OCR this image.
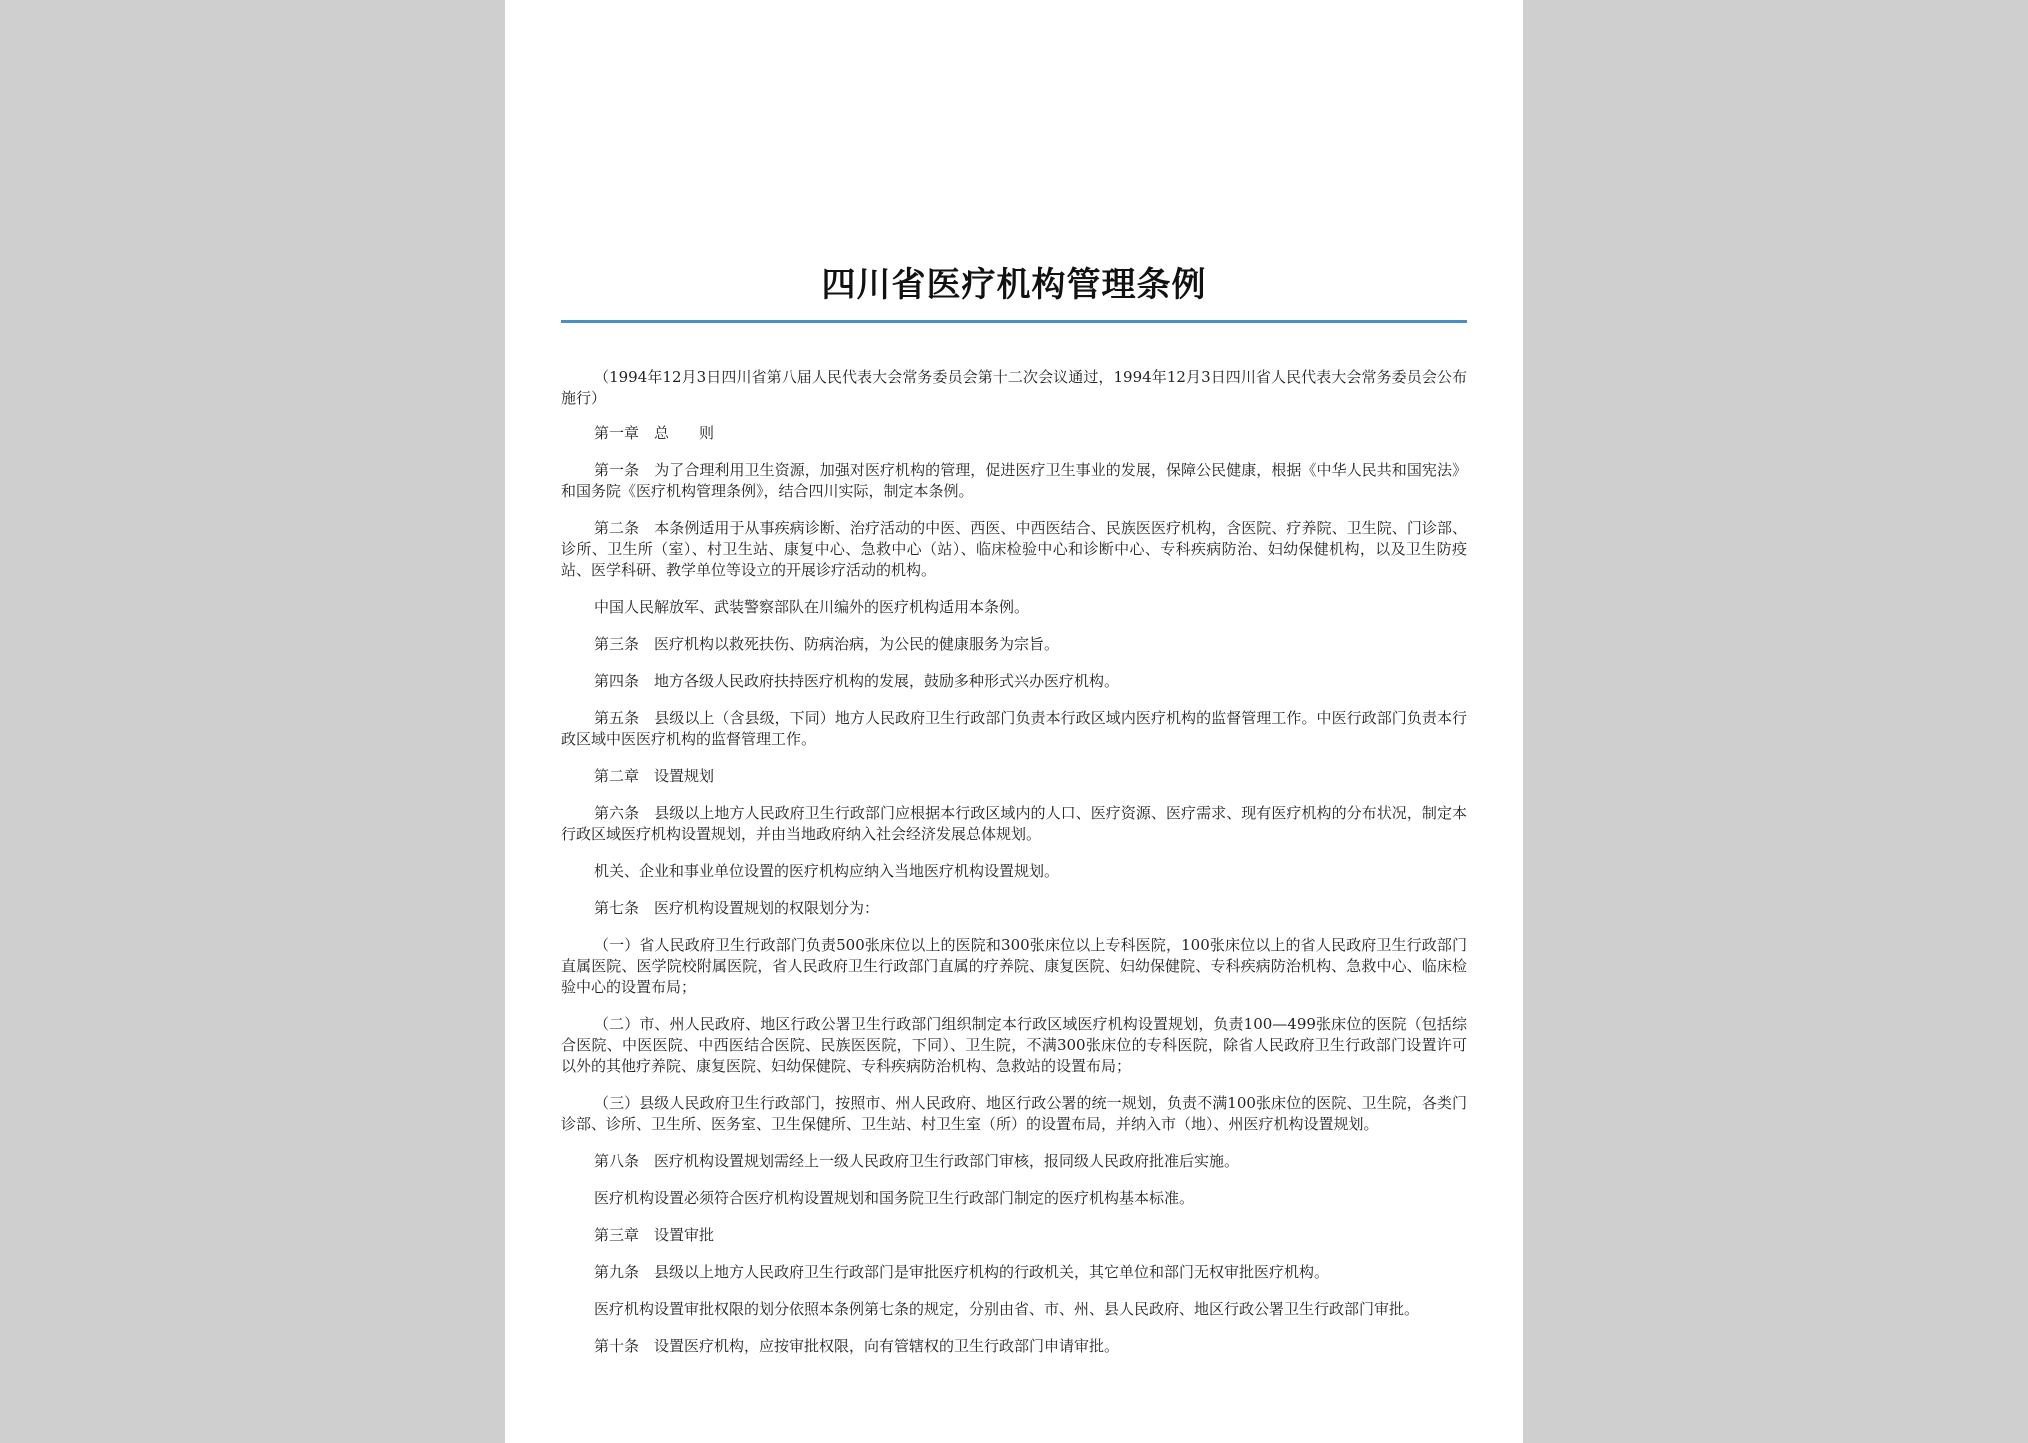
四川省医疗机构管理条例

（1994年12月3日四川省第八届人民代表大会常务委员会第十二次会议通过，1994年12月3日四川省人民代表大会常务委员会公布施行）

第一章　总　　则

第一条　为了合理利用卫生资源，加强对医疗机构的管理，促进医疗卫生事业的发展，保障公民健康，根据《中华人民共和国宪法》和国务院《医疗机构管理条例》，结合四川实际，制定本条例。

第二条　本条例适用于从事疾病诊断、治疗活动的中医、西医、中西医结合、民族医医疗机构，含医院、疗养院、卫生院、门诊部、诊所、卫生所（室）、村卫生站、康复中心、急救中心（站）、临床检验中心和诊断中心、专科疾病防治、妇幼保健机构，以及卫生防疫站、医学科研、教学单位等设立的开展诊疗活动的机构。

中国人民解放军、武装警察部队在川编外的医疗机构适用本条例。

第三条　医疗机构以救死扶伤、防病治病，为公民的健康服务为宗旨。

第四条　地方各级人民政府扶持医疗机构的发展，鼓励多种形式兴办医疗机构。

第五条　县级以上（含县级，下同）地方人民政府卫生行政部门负责本行政区域内医疗机构的监督管理工作。中医行政部门负责本行政区域中医医疗机构的监督管理工作。

第二章　设置规划

第六条　县级以上地方人民政府卫生行政部门应根据本行政区域内的人口、医疗资源、医疗需求、现有医疗机构的分布状况，制定本行政区域医疗机构设置规划，并由当地政府纳入社会经济发展总体规划。

机关、企业和事业单位设置的医疗机构应纳入当地医疗机构设置规划。

第七条　医疗机构设置规划的权限划分为：

（一）省人民政府卫生行政部门负责500张床位以上的医院和300张床位以上专科医院，100张床位以上的省人民政府卫生行政部门直属医院、医学院校附属医院，省人民政府卫生行政部门直属的疗养院、康复医院、妇幼保健院、专科疾病防治机构、急救中心、临床检验中心的设置布局；

（二）市、州人民政府、地区行政公署卫生行政部门组织制定本行政区域医疗机构设置规划，负责100—499张床位的医院（包括综合医院、中医医院、中西医结合医院、民族医医院，下同）、卫生院，不满300张床位的专科医院，除省人民政府卫生行政部门设置许可以外的其他疗养院、康复医院、妇幼保健院、专科疾病防治机构、急救站的设置布局；

（三）县级人民政府卫生行政部门，按照市、州人民政府、地区行政公署的统一规划，负责不满100张床位的医院、卫生院，各类门诊部、诊所、卫生所、医务室、卫生保健所、卫生站、村卫生室（所）的设置布局，并纳入市（地）、州医疗机构设置规划。

第八条　医疗机构设置规划需经上一级人民政府卫生行政部门审核，报同级人民政府批准后实施。

医疗机构设置必须符合医疗机构设置规划和国务院卫生行政部门制定的医疗机构基本标准。

第三章　设置审批

第九条　县级以上地方人民政府卫生行政部门是审批医疗机构的行政机关，其它单位和部门无权审批医疗机构。

医疗机构设置审批权限的划分依照本条例第七条的规定，分别由省、市、州、县人民政府、地区行政公署卫生行政部门审批。

第十条　设置医疗机构，应按审批权限，向有管辖权的卫生行政部门申请审批。
